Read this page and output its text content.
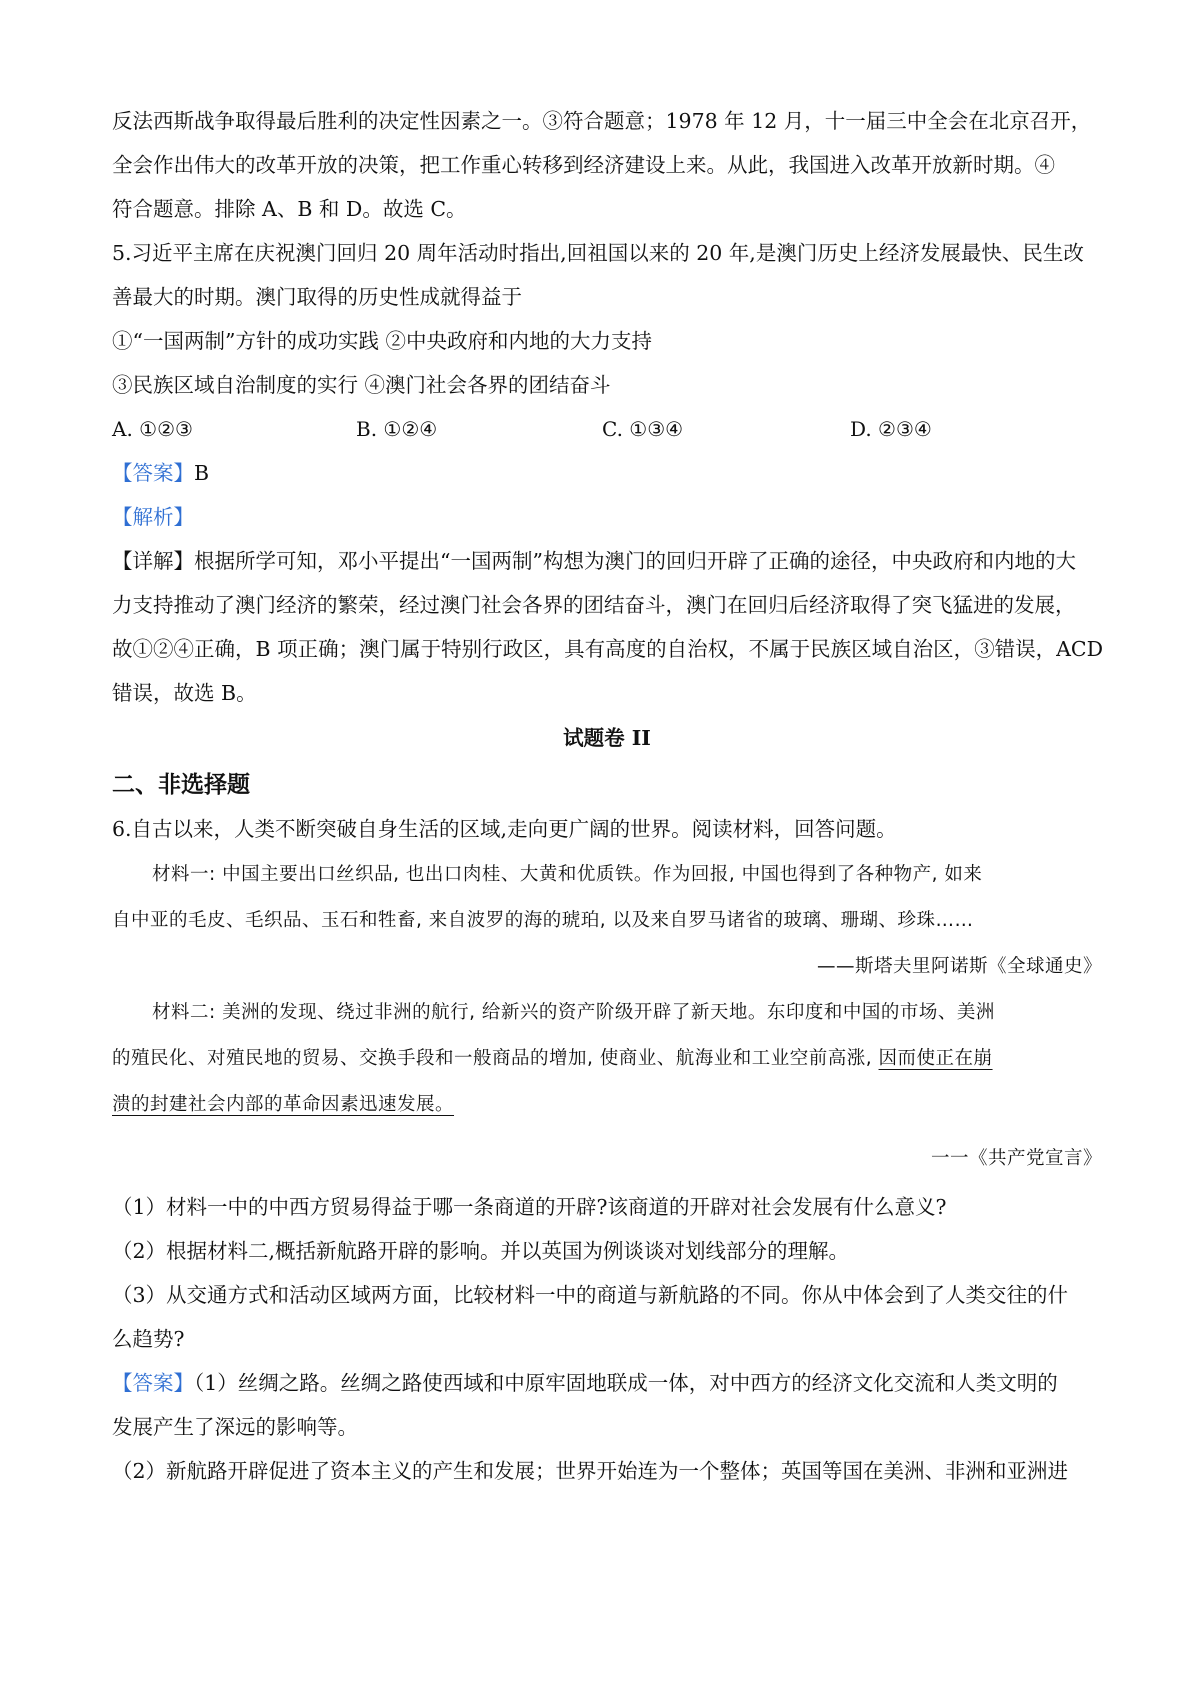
反法西斯战争取得最后胜利的决定性因素之一。③符合题意；1978 年 12 月，十一届三中全会在北京召开，
全会作出伟大的改革开放的决策，把工作重心转移到经济建设上来。从此，我国进入改革开放新时期。④
符合题意。排除 A、B 和 D。故选 C。
5.习近平主席在庆祝澳门回归 20 周年活动时指出,回祖国以来的 20 年,是澳门历史上经济发展最快、民生改
善最大的时期。澳门取得的历史性成就得益于
①“一国两制”方针的成功实践 ②中央政府和内地的大力支持
③民族区域自治制度的实行 ④澳门社会各界的团结奋斗
A. ①②③	B. ①②④	C. ①③④	D. ②③④
【答案】B
【解析】
【详解】根据所学可知，邓小平提出“一国两制”构想为澳门的回归开辟了正确的途径，中央政府和内地的大
力支持推动了澳门经济的繁荣，经过澳门社会各界的团结奋斗，澳门在回归后经济取得了突飞猛进的发展，
故①②④正确，B 项正确；澳门属于特别行政区，具有高度的自治权，不属于民族区域自治区，③错误，ACD
错误，故选 B。
试题卷 II
二、非选择题
6.自古以来，人类不断突破自身生活的区域,走向更广阔的世界。阅读材料，回答问题。
材料一: 中国主要出口丝织品, 也出口肉桂、大黄和优质铁。作为回报, 中国也得到了各种物产, 如来
自中亚的毛皮、毛织品、玉石和牲畜, 来自波罗的海的琥珀, 以及来自罗马诸省的玻璃、珊瑚、珍珠……
——斯塔夫里阿诺斯《全球通史》
材料二: 美洲的发现、绕过非洲的航行, 给新兴的资产阶级开辟了新天地。东印度和中国的市场、美洲
的殖民化、对殖民地的贸易、交换手段和一般商品的增加, 使商业、航海业和工业空前高涨, 因而使正在崩
溃的封建社会内部的革命因素迅速发展。
一一《共产党宣言》
（1）材料一中的中西方贸易得益于哪一条商道的开辟?该商道的开辟对社会发展有什么意义?
（2）根据材料二,概括新航路开辟的影响。并以英国为例谈谈对划线部分的理解。
（3）从交通方式和活动区域两方面，比较材料一中的商道与新航路的不同。你从中体会到了人类交往的什
么趋势?
【答案】（1）丝绸之路。丝绸之路使西域和中原牢固地联成一体，对中西方的经济文化交流和人类文明的
发展产生了深远的影响等。
（2）新航路开辟促进了资本主义的产生和发展；世界开始连为一个整体；英国等国在美洲、非洲和亚洲进
